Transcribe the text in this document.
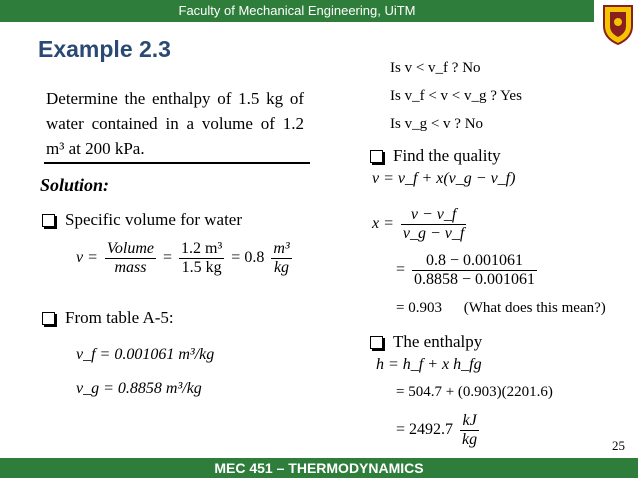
Faculty of Mechanical Engineering, UiTM
Example 2.3
Determine the enthalpy of 1.5 kg of water contained in a volume of 1.2 m³ at 200 kPa.
Solution:
Specific volume for water
$v = \frac{\text{Volume}}{\text{mass}} = \frac{\text{1.2 m³}}{1.5 kg} = 0.8 \frac{\text{m³}}{kg}$
From table A-5:
v_f = 0.001061 m³/kg
v_g = 0.8858 m³/kg
Is v < v_f ? No
Is v_f < v < v_g ? Yes
Is v_g < v ? No
Find the quality
v = v_f + x(v_g − v_f)
$x = \frac{v - v\_f}{v\_g - v\_f}$
= $\frac{0.8 - 0.001061}{0.8858 - 0.001061}$
= 0.903 (What does this mean?)
The enthalpy
h = h_f + x h_fg
= 504.7 + (0.903)(2201.6)
= $2492.7 \frac{kJ}{kg}$	25
MEC 451 – THERMODYNAMICS
